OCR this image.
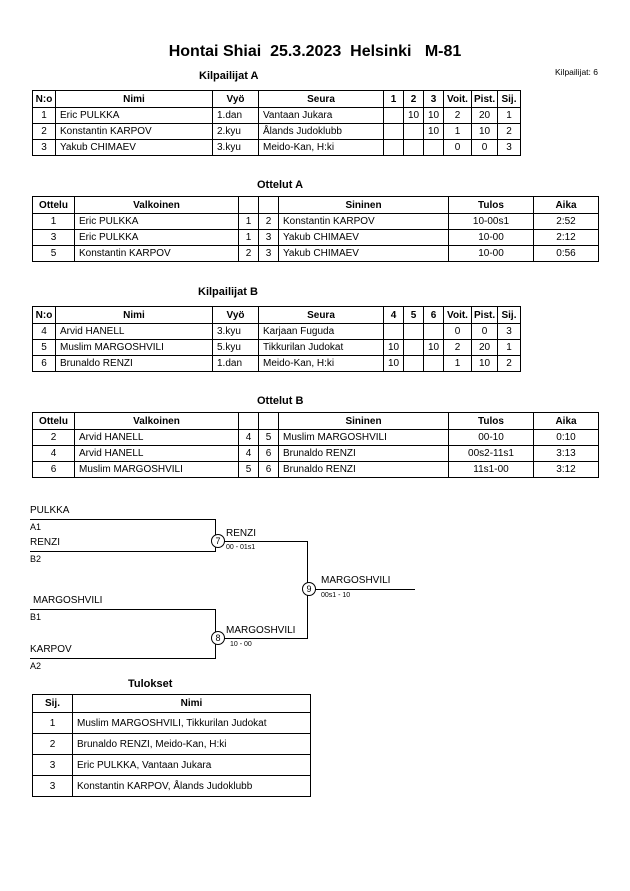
Hontai Shiai  25.3.2023  Helsinki   M-81
Kilpailijat: 6
Kilpailijat A
N:o	Nimi	Vyö	Seura	1	2	3	Voit.	Pist.	Sij.
1	Eric PULKKA	1.dan	Vantaan Jukara		10	10	2	20	1
2	Konstantin KARPOV	2.kyu	Ålands Judoklubb			10	1	10	2
3	Yakub CHIMAEV	3.kyu	Meido-Kan, H:ki				0	0	3
Ottelut A
Ottelu	Valkoinen			Sininen	Tulos	Aika
1	Eric PULKKA	1	2	Konstantin KARPOV	10-00s1	2:52
3	Eric PULKKA	1	3	Yakub CHIMAEV	10-00	2:12
5	Konstantin KARPOV	2	3	Yakub CHIMAEV	10-00	0:56
Kilpailijat B
N:o	Nimi	Vyö	Seura	4	5	6	Voit.	Pist.	Sij.
4	Arvid HANELL	3.kyu	Karjaan Fuguda				0	0	3
5	Muslim MARGOSHVILI	5.kyu	Tikkurilan Judokat	10		10	2	20	1
6	Brunaldo RENZI	1.dan	Meido-Kan, H:ki	10			1	10	2
Ottelut B
Ottelu	Valkoinen			Sininen	Tulos	Aika
2	Arvid HANELL	4	5	Muslim MARGOSHVILI	00-10	0:10
4	Arvid HANELL	4	6	Brunaldo RENZI	00s2-11s1	3:13
6	Muslim MARGOSHVILI	5	6	Brunaldo RENZI	11s1-00	3:12
PULKKA
A1
RENZI
B2
MARGOSHVILI
B1
KARPOV
A2
7
RENZI
00 - 01s1
8
MARGOSHVILI
10 - 00
9
MARGOSHVILI
00s1 - 10
Tulokset
Sij.	Nimi
1	Muslim MARGOSHVILI, Tikkurilan Judokat
2	Brunaldo RENZI, Meido-Kan, H:ki
3	Eric PULKKA, Vantaan Jukara
3	Konstantin KARPOV, Ålands Judoklubb
